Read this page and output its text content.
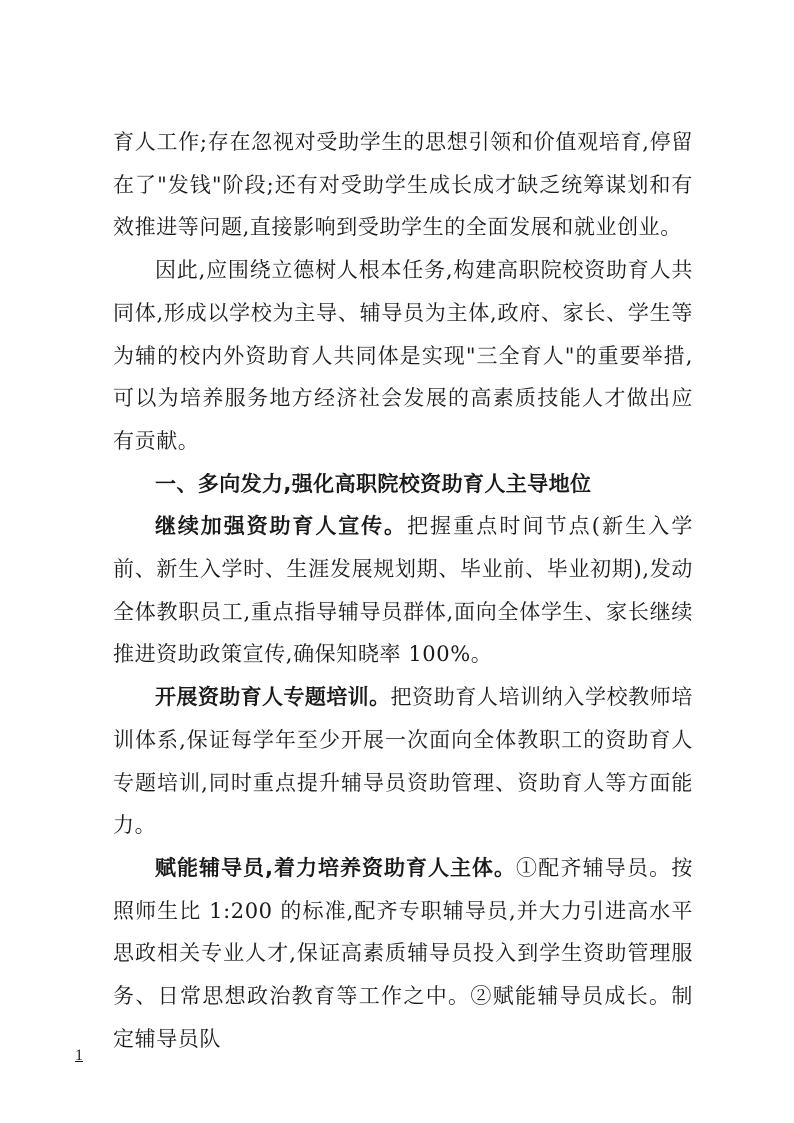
育人工作;存在忽视对受助学生的思想引领和价值观培育,停留在了"发钱"阶段;还有对受助学生成长成才缺乏统筹谋划和有效推进等问题,直接影响到受助学生的全面发展和就业创业。

因此,应围绕立德树人根本任务,构建高职院校资助育人共同体,形成以学校为主导、辅导员为主体,政府、家长、学生等为辅的校内外资助育人共同体是实现"三全育人"的重要举措,可以为培养服务地方经济社会发展的高素质技能人才做出应有贡献。

一、多向发力,强化高职院校资助育人主导地位

继续加强资助育人宣传。把握重点时间节点(新生入学前、新生入学时、生涯发展规划期、毕业前、毕业初期),发动全体教职员工,重点指导辅导员群体,面向全体学生、家长继续推进资助政策宣传,确保知晓率 100%。

开展资助育人专题培训。把资助育人培训纳入学校教师培训体系,保证每学年至少开展一次面向全体教职工的资助育人专题培训,同时重点提升辅导员资助管理、资助育人等方面能力。

赋能辅导员,着力培养资助育人主体。①配齐辅导员。按照师生比 1:200 的标准,配齐专职辅导员,并大力引进高水平思政相关专业人才,保证高素质辅导员投入到学生资助管理服务、日常思想政治教育等工作之中。②赋能辅导员成长。制定辅导员队

1
